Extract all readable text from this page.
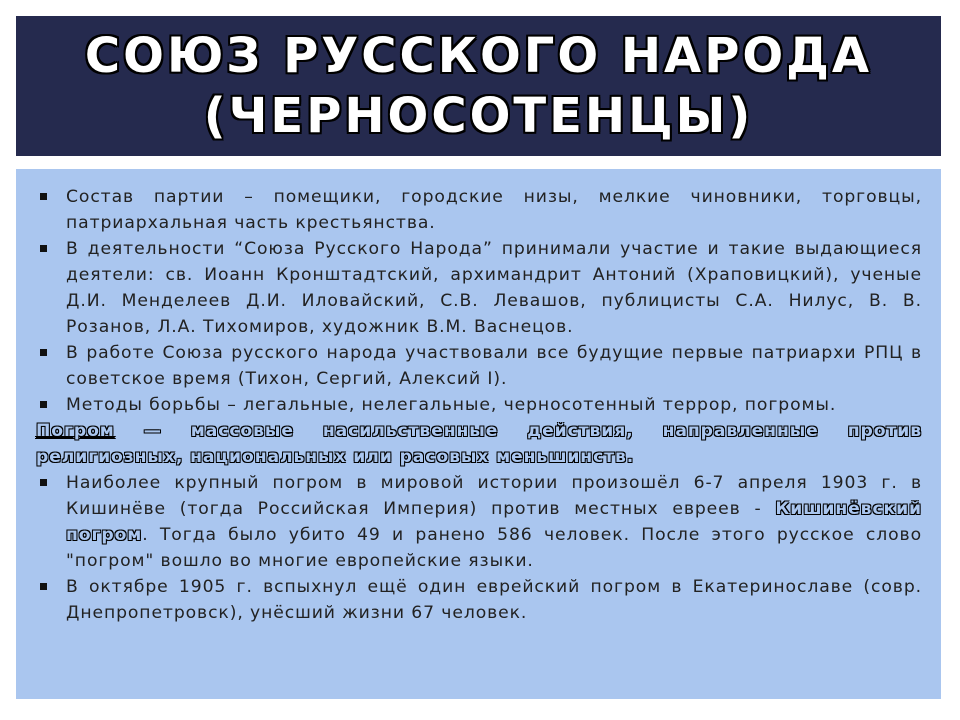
СОЮЗ РУССКОГО НАРОДА
(ЧЕРНОСОТЕНЦЫ)

Состав партии – помещики, городские низы, мелкие чиновники, торговцы, патриархальная часть крестьянства.

В деятельности “Союза Русского Народа” принимали участие и такие выдающиеся деятели: св. Иоанн Кронштадтский, архимандрит Антоний (Храповицкий), ученые Д.И. Менделеев Д.И. Иловайский, С.В. Левашов, публицисты С.А. Нилус, В. В. Розанов, Л.А. Тихомиров, художник В.М. Васнецов.

В работе Союза русского народа участвовали все будущие первые патриархи РПЦ в советское время (Тихон, Сергий, Алексий I).

Методы борьбы – легальные, нелегальные, черносотенный террор, погромы.

Погром — массовые насильственные действия, направленные против религиозных, национальных или расовых меньшинств.

Наиболее крупный погром в мировой истории произошёл 6-7 апреля 1903 г. в Кишинёве (тогда Российская Империя) против местных евреев - Кишинёвский погром. Тогда было убито 49 и ранено 586 человек. После этого русское слово "погром" вошло во многие европейские языки.

В октябре 1905 г. вспыхнул ещё один еврейский погром в Екатеринославе (совр. Днепропетровск), унёсший жизни 67 человек.
